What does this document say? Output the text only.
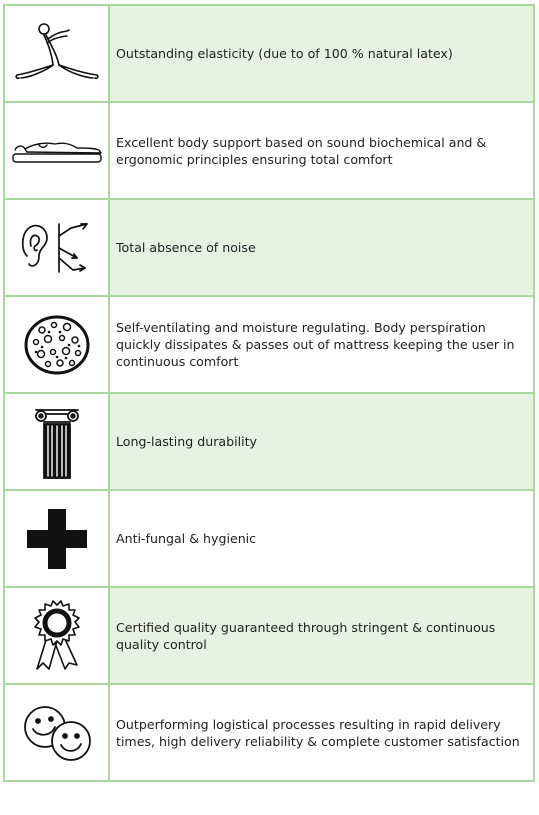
	Outstanding elasticity (due to of 100 % natural latex)

	Excellent body support based on sound biochemical and & ergonomic principles ensuring total comfort

	Total absence of noise

	Self-ventilating and moisture regulating. Body perspiration quickly dissipates & passes out of mattress keeping the user in continuous comfort

	Long-lasting durability

	Anti-fungal & hygienic

	Certified quality guaranteed through stringent & continuous quality control

	Outperforming logistical processes resulting in rapid delivery times, high delivery reliability & complete customer satisfaction
